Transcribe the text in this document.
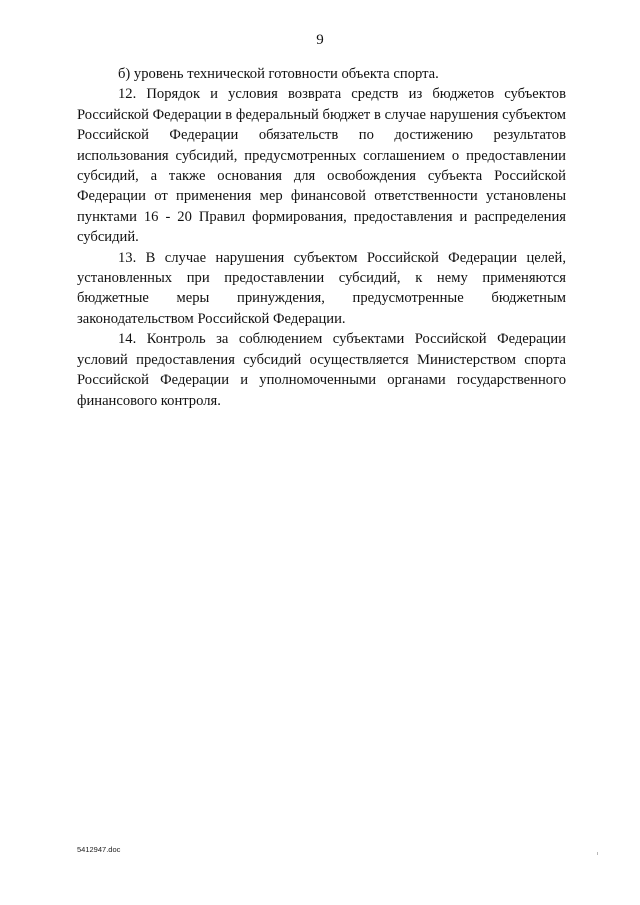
9

б) уровень технической готовности объекта спорта.

12. Порядок и условия возврата средств из бюджетов субъектов Российской Федерации в федеральный бюджет в случае нарушения субъектом Российской Федерации обязательств по достижению результатов использования субсидий, предусмотренных соглашением о предоставлении субсидий, а также основания для освобождения субъекта Российской Федерации от применения мер финансовой ответственности установлены пунктами 16 - 20 Правил формирования, предоставления и распределения субсидий.

13. В случае нарушения субъектом Российской Федерации целей, установленных при предоставлении субсидий, к нему применяются бюджетные меры принуждения, предусмотренные бюджетным законодательством Российской Федерации.

14. Контроль за соблюдением субъектами Российской Федерации условий предоставления субсидий осуществляется Министерством спорта Российской Федерации и уполномоченными органами государственного финансового контроля.

5412947.doc
